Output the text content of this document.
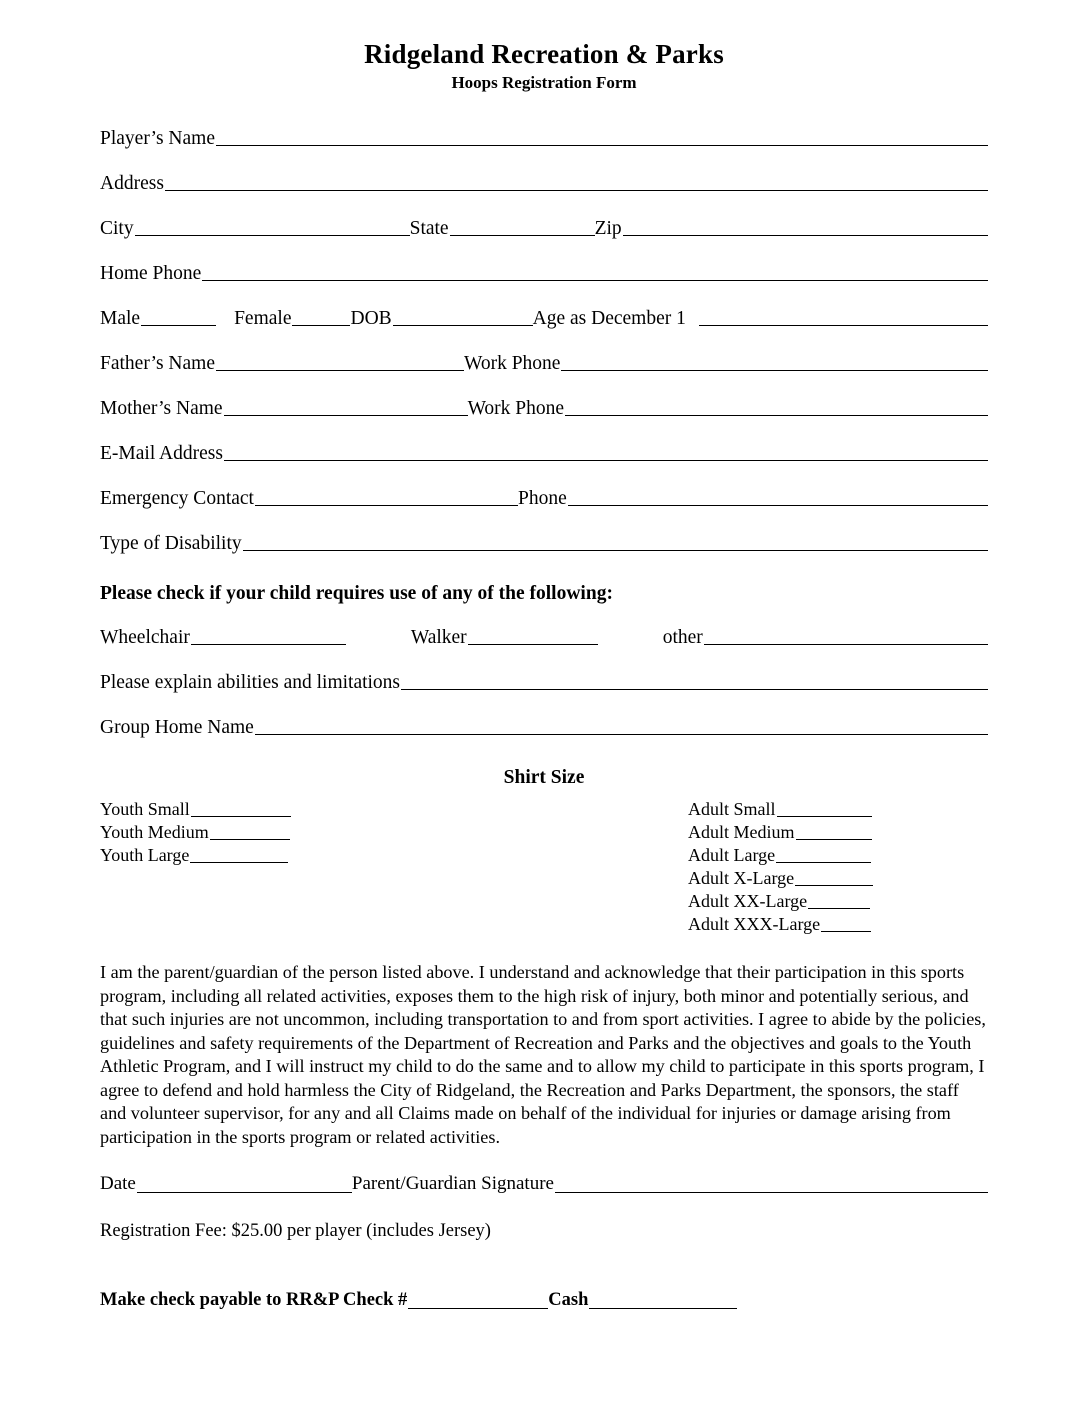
Ridgeland Recreation & Parks
Hoops Registration Form
Player’s Name
Address
City	State	Zip
Home Phone
Male	Female	DOB	Age as December 1
Father’s Name	Work Phone
Mother’s Name	Work Phone
E-Mail Address
Emergency Contact	Phone
Type of Disability
Please check if your child requires use of any of the following:
Wheelchair	Walker	other
Please explain abilities and limitations
Group Home Name
Shirt Size
Youth Small
Youth Medium
Youth Large
Adult Small
Adult Medium
Adult Large
Adult X-Large
Adult XX-Large
Adult XXX-Large
I am the parent/guardian of the person listed above. I understand and acknowledge that their participation in this sports program, including all related activities, exposes them to the high risk of injury, both minor and potentially serious, and that such injuries are not uncommon, including transportation to and from sport activities. I agree to abide by the policies, guidelines and safety requirements of the Department of Recreation and Parks and the objectives and goals to the Youth Athletic Program, and I will instruct my child to do the same and to allow my child to participate in this sports program, I agree to defend and hold harmless the City of Ridgeland, the Recreation and Parks Department, the sponsors, the staff and volunteer supervisor, for any and all Claims made on behalf of the individual for injuries or damage arising from participation in the sports program or related activities.
Date	Parent/Guardian Signature
Registration Fee: $25.00 per player (includes Jersey)
Make check payable to RR&P Check #	Cash
